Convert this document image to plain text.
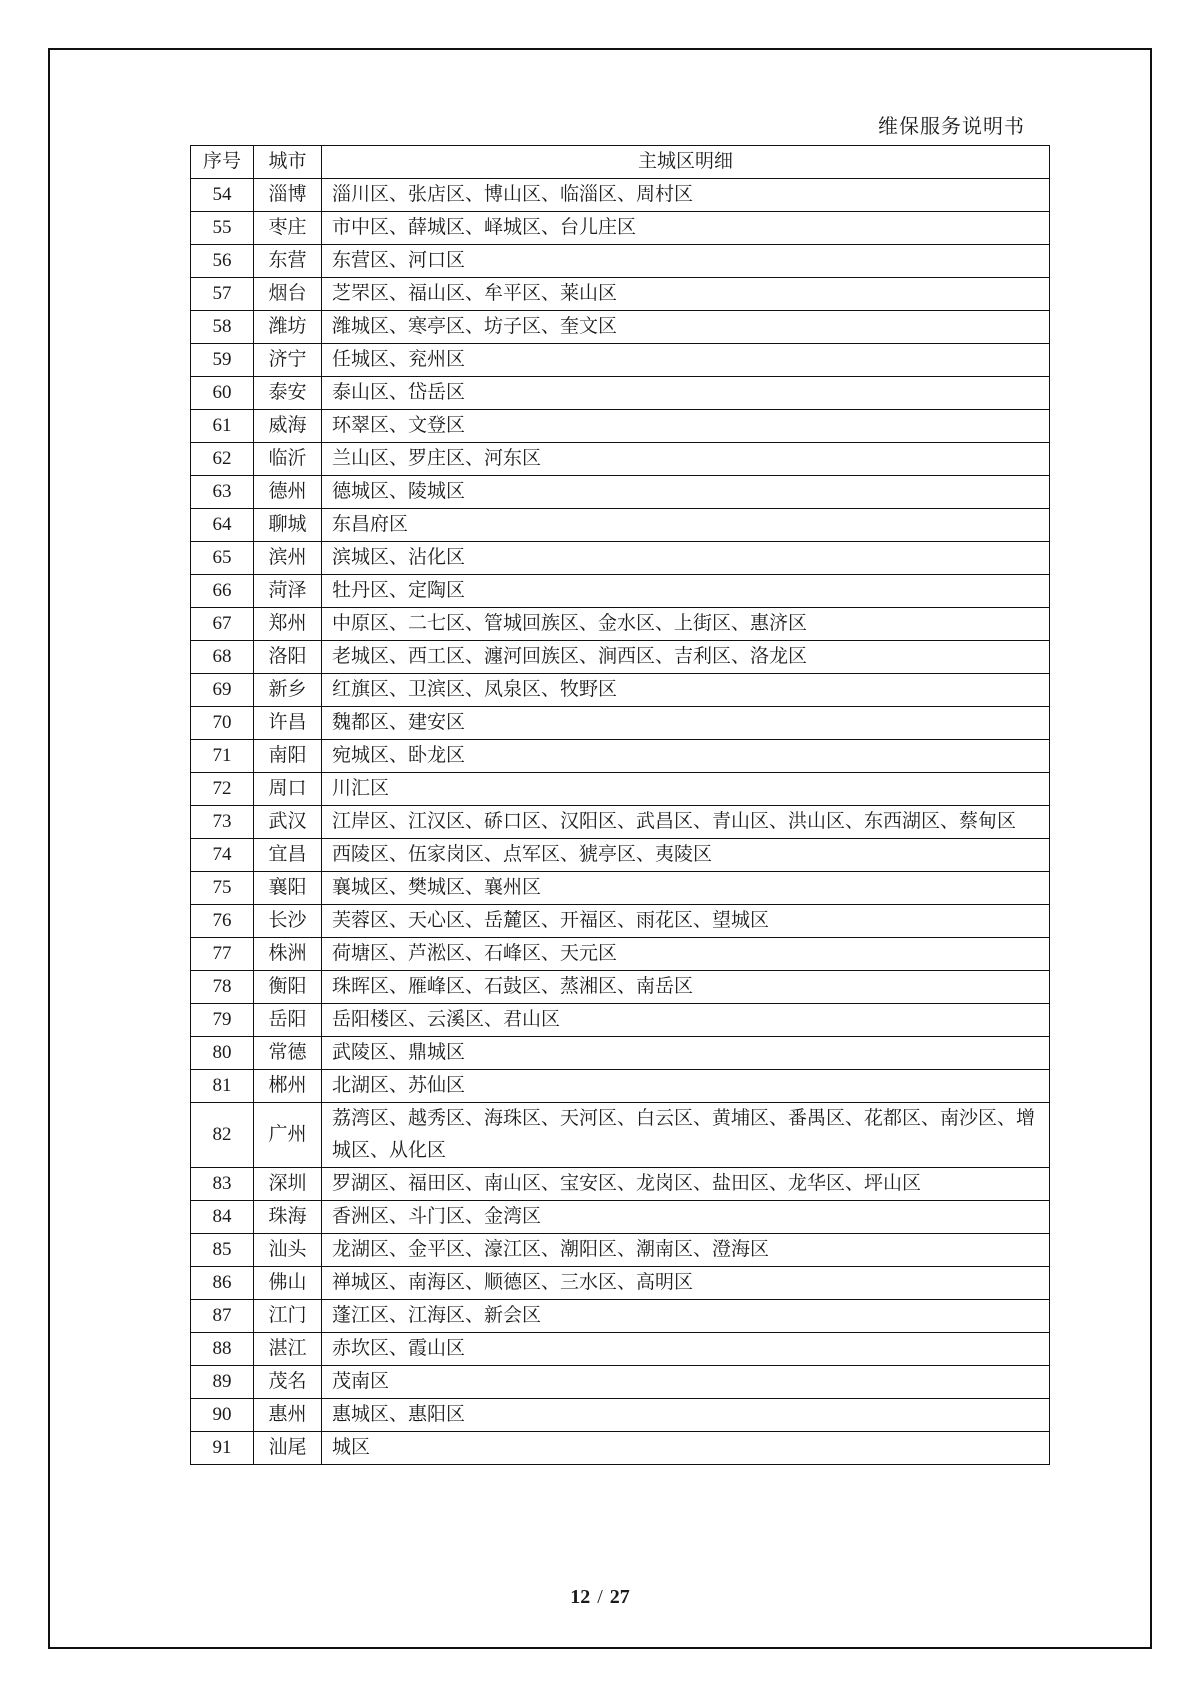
维保服务说明书
序号	城市	主城区明细
54	淄博	淄川区、张店区、博山区、临淄区、周村区
55	枣庄	市中区、薛城区、峄城区、台儿庄区
56	东营	东营区、河口区
57	烟台	芝罘区、福山区、牟平区、莱山区
58	潍坊	潍城区、寒亭区、坊子区、奎文区
59	济宁	任城区、兖州区
60	泰安	泰山区、岱岳区
61	威海	环翠区、文登区
62	临沂	兰山区、罗庄区、河东区
63	德州	德城区、陵城区
64	聊城	东昌府区
65	滨州	滨城区、沾化区
66	菏泽	牡丹区、定陶区
67	郑州	中原区、二七区、管城回族区、金水区、上街区、惠济区
68	洛阳	老城区、西工区、瀍河回族区、涧西区、吉利区、洛龙区
69	新乡	红旗区、卫滨区、凤泉区、牧野区
70	许昌	魏都区、建安区
71	南阳	宛城区、卧龙区
72	周口	川汇区
73	武汉	江岸区、江汉区、硚口区、汉阳区、武昌区、青山区、洪山区、东西湖区、蔡甸区
74	宜昌	西陵区、伍家岗区、点军区、猇亭区、夷陵区
75	襄阳	襄城区、樊城区、襄州区
76	长沙	芙蓉区、天心区、岳麓区、开福区、雨花区、望城区
77	株洲	荷塘区、芦淞区、石峰区、天元区
78	衡阳	珠晖区、雁峰区、石鼓区、蒸湘区、南岳区
79	岳阳	岳阳楼区、云溪区、君山区
80	常德	武陵区、鼎城区
81	郴州	北湖区、苏仙区
82	广州	荔湾区、越秀区、海珠区、天河区、白云区、黄埔区、番禺区、花都区、南沙区、增城区、从化区
83	深圳	罗湖区、福田区、南山区、宝安区、龙岗区、盐田区、龙华区、坪山区
84	珠海	香洲区、斗门区、金湾区
85	汕头	龙湖区、金平区、濠江区、潮阳区、潮南区、澄海区
86	佛山	禅城区、南海区、顺德区、三水区、高明区
87	江门	蓬江区、江海区、新会区
88	湛江	赤坎区、霞山区
89	茂名	茂南区
90	惠州	惠城区、惠阳区
91	汕尾	城区
12 / 27
